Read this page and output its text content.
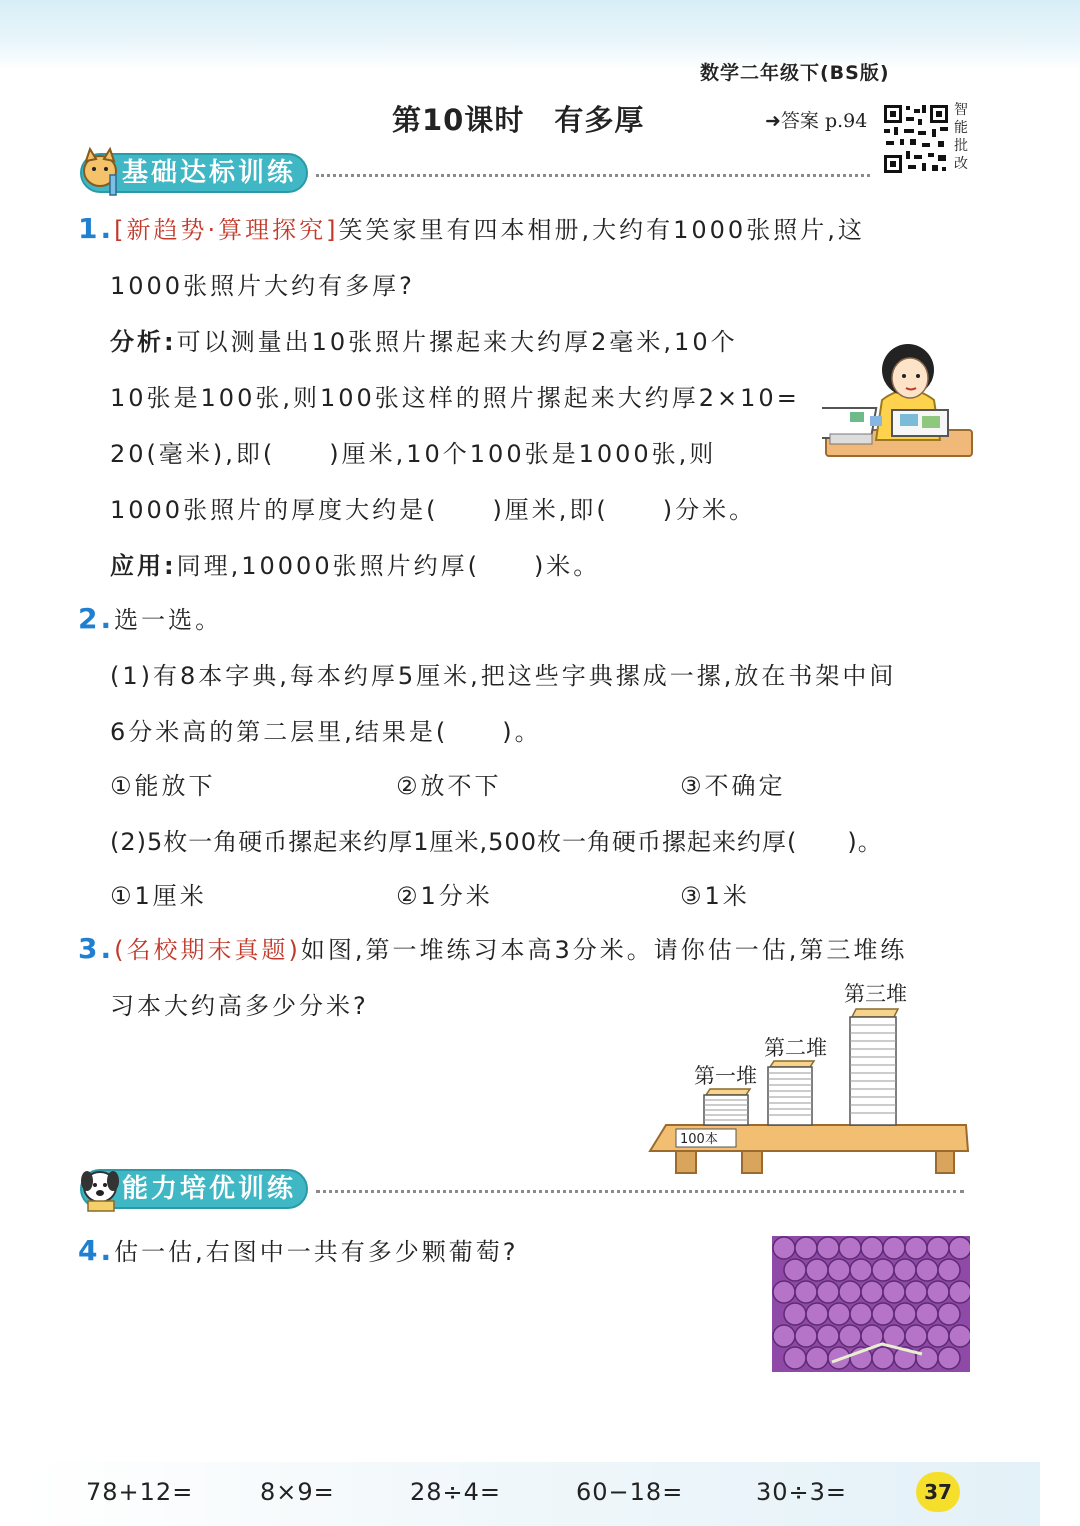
数学二年级下(BS版)
第10课时　有多厚	➜答案 p.94	智能批改
基础达标训练
1.[新趋势·算理探究]笑笑家里有四本相册,大约有1000张照片,这
1000张照片大约有多厚?
分析:可以测量出10张照片摞起来大约厚2毫米,10个
10张是100张,则100张这样的照片摞起来大约厚2×10=
20(毫米),即(　　)厘米,10个100张是1000张,则
1000张照片的厚度大约是(　　)厘米,即(　　)分米。
应用:同理,10000张照片约厚(　　)米。
2.选一选。
(1)有8本字典,每本约厚5厘米,把这些字典摞成一摞,放在书架中间
6分米高的第二层里,结果是(　　)。
①能放下	②放不下	③不确定
(2)5枚一角硬币摞起来约厚1厘米,500枚一角硬币摞起来约厚(　　)。
①1厘米	②1分米	③1米
3.(名校期末真题)如图,第一堆练习本高3分米。请你估一估,第三堆练
习本大约高多少分米?
100本
第一堆
第二堆
第三堆
能力培优训练
4.估一估,右图中一共有多少颗葡萄?
78+12=	8×9=	28÷4=	60−18=	30÷3=	37
